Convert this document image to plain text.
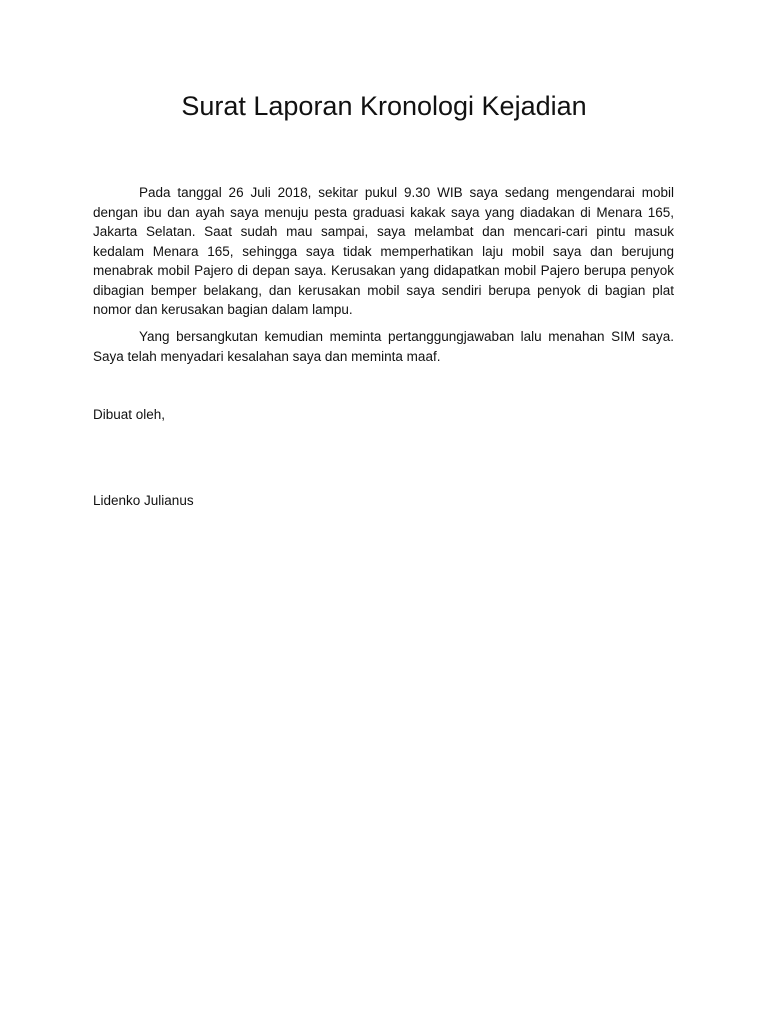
Surat Laporan Kronologi Kejadian

Pada tanggal 26 Juli 2018, sekitar pukul 9.30 WIB saya sedang mengendarai mobil dengan ibu dan ayah saya menuju pesta graduasi kakak saya yang diadakan di Menara 165, Jakarta Selatan. Saat sudah mau sampai, saya melambat dan mencari-cari pintu masuk kedalam Menara 165, sehingga saya tidak memperhatikan laju mobil saya dan berujung menabrak mobil Pajero di depan saya. Kerusakan yang didapatkan mobil Pajero berupa penyok dibagian bemper belakang, dan kerusakan mobil saya sendiri berupa penyok di bagian plat nomor dan kerusakan bagian dalam lampu.

Yang bersangkutan kemudian meminta pertanggungjawaban lalu menahan SIM saya. Saya telah menyadari kesalahan saya dan meminta maaf.

Dibuat oleh,

Lidenko Julianus
